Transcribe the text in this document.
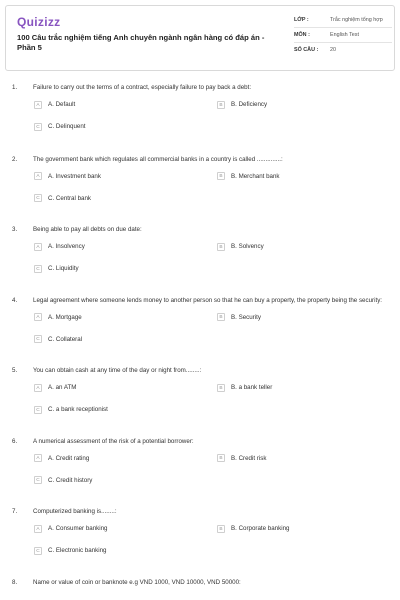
Quizizz
100 Câu trắc nghiệm tiếng Anh chuyên ngành ngân hàng có đáp án - Phần 5
LỚP :	Trắc nghiệm tổng hợp
MÔN :	English Test
SỐ CÂU :	20
1.	Failure to carry out the terms of a contract, especially failure to pay back a debt:
A	A. Default	B	B. Deficiency
C	C. Delinquent
2.	The government bank which regulates all commercial banks in a country is called ..............:
A	A. Investment bank	B	B. Merchant bank
C	C. Central bank
3.	Being able to pay all debts on due date:
A	A. Insolvency	B	B. Solvency
C	C. Liquidity
4.	Legal agreement where someone lends money to another person so that he can buy a property, the property being the security:
A	A. Mortgage	B	B. Security
C	C. Collateral
5.	You can obtain cash at any time of the day or night from........:
A	A. an ATM	B	B. a bank teller
C	C. a bank receptionist
6.	A numerical assessment of the risk of a potential borrower:
A	A. Credit rating	B	B. Credit risk
C	C. Credit history
7.	Computerized banking is........:
A	A. Consumer banking	B	B. Corporate banking
C	C. Electronic banking
8.	Name or value of coin or banknote e.g VND 1000, VND 10000, VND 50000:
